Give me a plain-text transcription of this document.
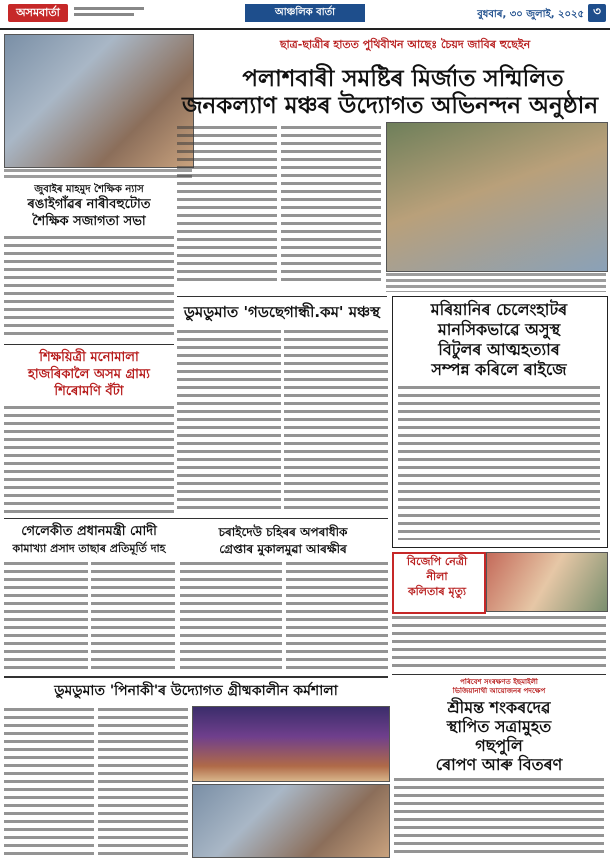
অসমবার্তা	আঞ্চলিক বাৰ্তা	বুধবাৰ, ৩০ জুলাই, ২০২৫ ৩
ছাত্ৰ-ছাত্ৰীৰ হাতত পুথিবীখন আছেঃ চৈয়দ জাবিৰ হুছেইন
পলাশবাৰী সমষ্টিৰ মিৰ্জাত সন্মিলিত
জনকল্যাণ মঞ্চৰ উদ্যোগত অভিনন্দন অনুষ্ঠান
জুবাইৰ মাহমুদ শৈক্ষিক ন্যাস
ৰঙাইগাঁৱৰ নাৰীবহুটোত
শৈক্ষিক সজাগতা সভা
শিক্ষয়িত্ৰী মনোমালা
হাজৰিকালৈ অসম গ্ৰাম্য
শিৰোমণি বঁটা
ডুমডুমাত 'গডছেগান্ধী.কম' মঞ্চস্থ	মৰিয়ানিৰ চেলেংহাটৰ
মানসিকভাৱে অসুস্থ
বিটুলৰ আত্মহত্যাৰ
সম্পন্ন কৰিলে ৰাইজে
গেলেকীত প্ৰধানমন্ত্ৰী মোদী
কামাখ্যা প্ৰসাদ তাছাৰ প্ৰতিমূৰ্তি দাহ
চৰাইদেউ চহিৰৰ অপৰাধীক
গ্ৰেপ্তাৰ মুকালমুৱা আৰক্ষীৰ
বিজেপি নেত্ৰী
নীলা
কলিতাৰ মৃত্যু
পৰিবেশ সংৰক্ষণত ইছমাইলী
ভিজিয়ানাথী আয়োজনৰ পদক্ষেপ
শ্ৰীমন্ত শংকৰদেৱ
স্থাপিত সত্ৰামুহত
গছপুলি
ৰোপণ আৰু বিতৰণ
ডুমডুমাত 'পিনাকী'ৰ উদ্যোগত গ্ৰীষ্মকালীন কৰ্মশালা
